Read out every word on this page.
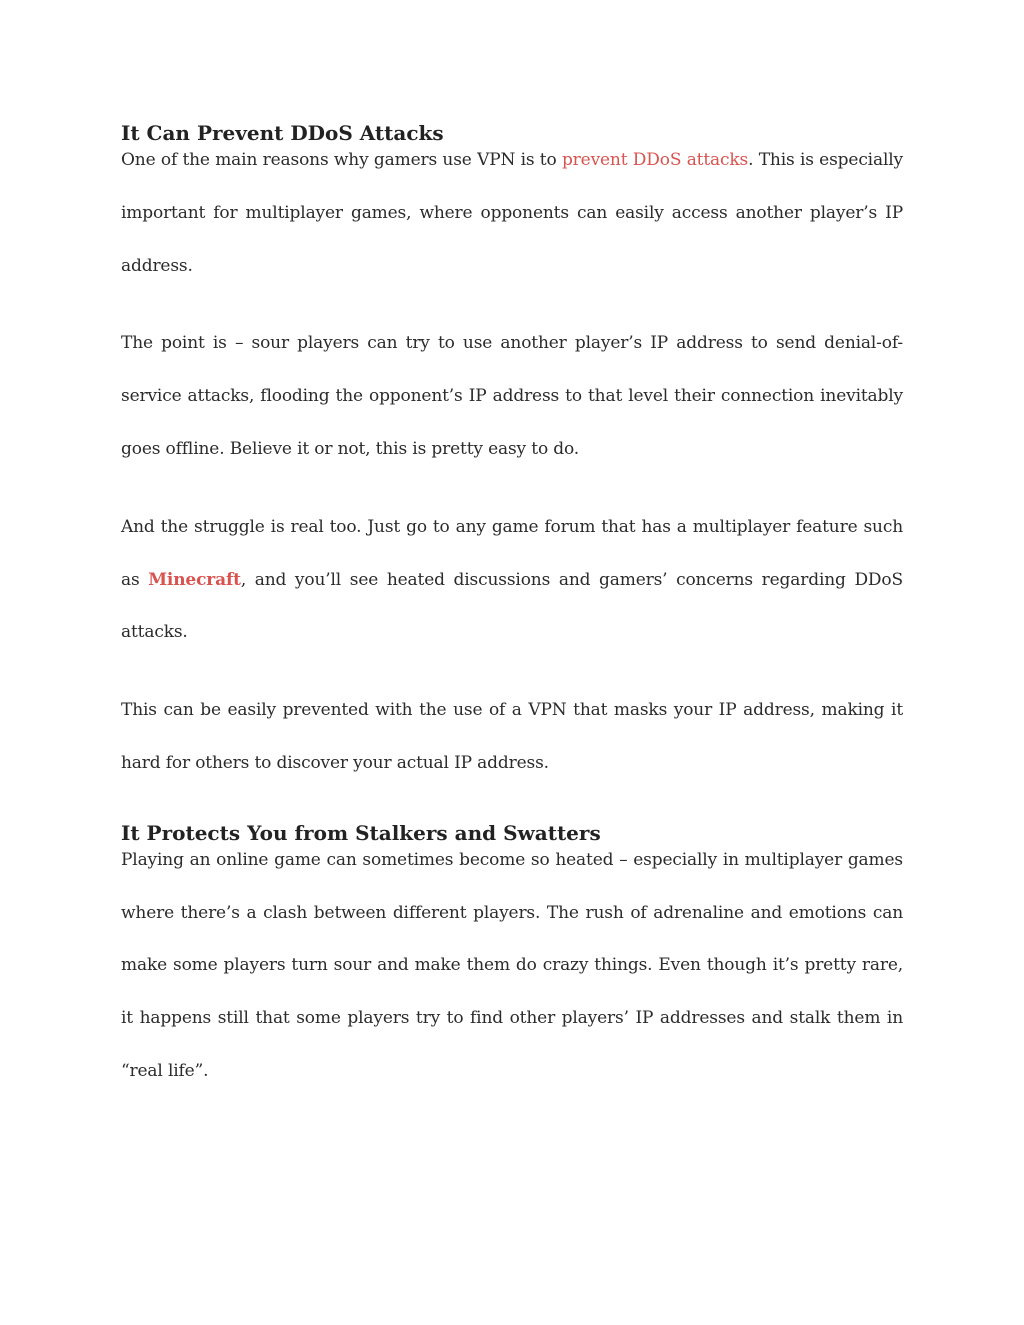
It Can Prevent DDoS Attacks

One of the main reasons why gamers use VPN is to prevent DDoS attacks. This is especially important for multiplayer games, where opponents can easily access another player’s IP address.

The point is – sour players can try to use another player’s IP address to send denial-of-service attacks, flooding the opponent’s IP address to that level their connection inevitably goes offline. Believe it or not, this is pretty easy to do.

And the struggle is real too. Just go to any game forum that has a multiplayer feature such as Minecraft, and you’ll see heated discussions and gamers’ concerns regarding DDoS attacks.

This can be easily prevented with the use of a VPN that masks your IP address, making it hard for others to discover your actual IP address.

It Protects You from Stalkers and Swatters

Playing an online game can sometimes become so heated – especially in multiplayer games where there’s a clash between different players. The rush of adrenaline and emotions can make some players turn sour and make them do crazy things. Even though it’s pretty rare, it happens still that some players try to find other players’ IP addresses and stalk them in “real life”.
